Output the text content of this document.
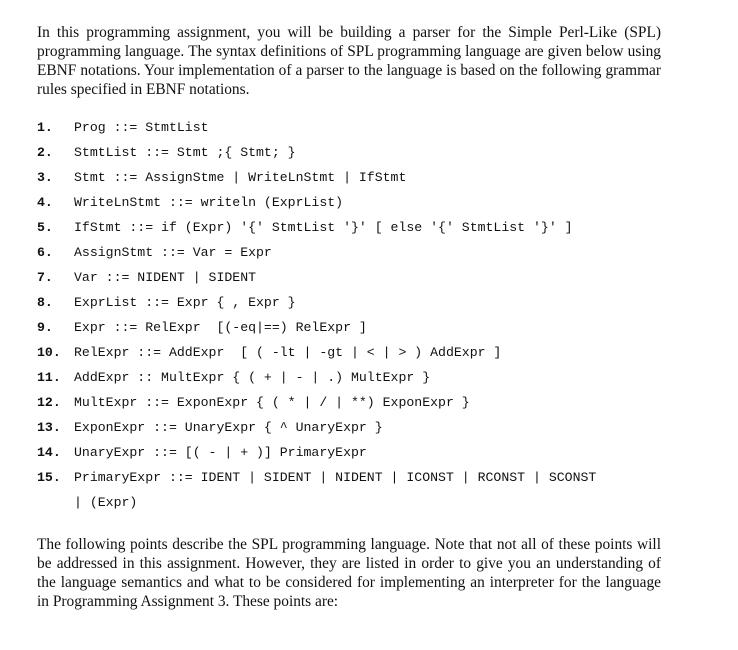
In this programming assignment, you will be building a parser for the Simple Perl-Like (SPL) programming language. The syntax definitions of SPL programming language are given below using EBNF notations. Your implementation of a parser to the language is based on the following grammar rules specified in EBNF notations.

1. Prog ::= StmtList
2. StmtList ::= Stmt ;{ Stmt; }
3. Stmt ::= AssignStme | WriteLnStmt | IfStmt
4. WriteLnStmt ::= writeln (ExprList)
5. IfStmt ::= if (Expr) '{' StmtList '}' [ else '{' StmtList '}' ]
6. AssignStmt ::= Var = Expr
7. Var ::= NIDENT | SIDENT
8. ExprList ::= Expr { , Expr }
9. Expr ::= RelExpr  [(-eq|==) RelExpr ]
10. RelExpr ::= AddExpr  [ ( -lt | -gt | < | > ) AddExpr ]
11. AddExpr :: MultExpr { ( + | - | .) MultExpr }
12. MultExpr ::= ExponExpr { ( * | / | **) ExponExpr }
13. ExponExpr ::= UnaryExpr { ^ UnaryExpr }
14. UnaryExpr ::= [( - | + )] PrimaryExpr
15. PrimaryExpr ::= IDENT | SIDENT | NIDENT | ICONST | RCONST | SCONST
| (Expr)

The following points describe the SPL programming language. Note that not all of these points will be addressed in this assignment. However, they are listed in order to give you an understanding of the language semantics and what to be considered for implementing an interpreter for the language in Programming Assignment 3. These points are:
